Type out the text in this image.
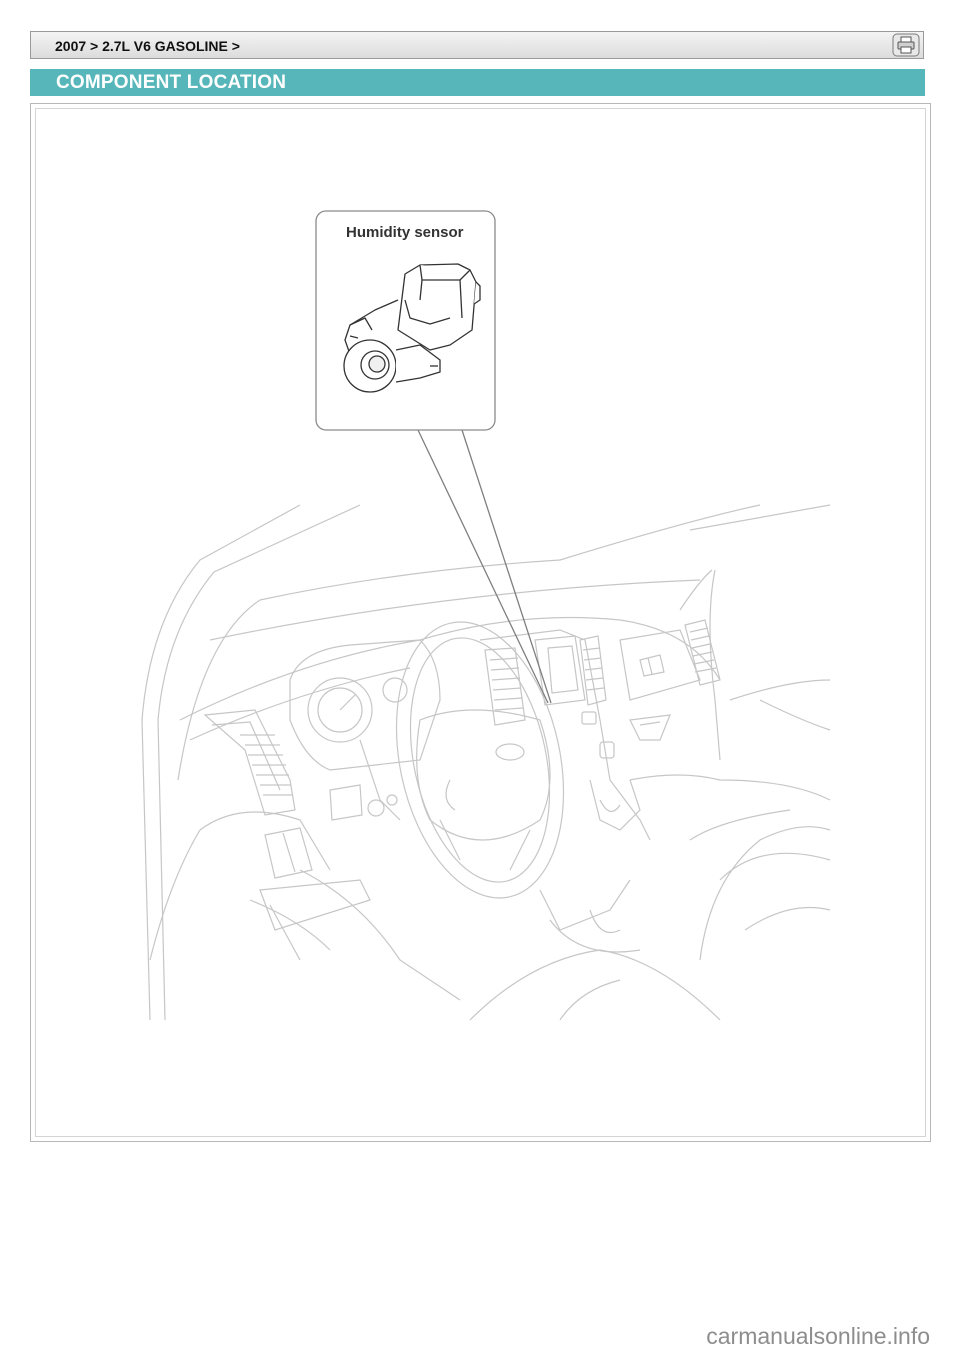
2007 > 2.7L V6 GASOLINE >
COMPONENT LOCATION
Humidity sensor
carmanualsonline.info
